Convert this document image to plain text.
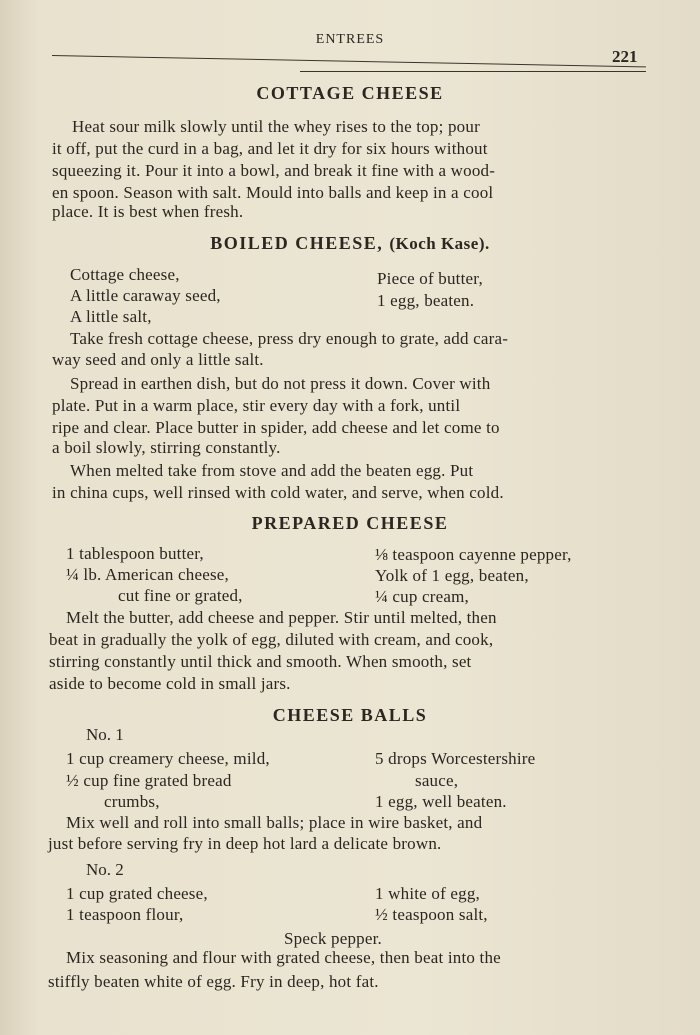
ENTREES
221
COTTAGE CHEESE
Heat sour milk slowly until the whey rises to the top; pour
it off, put the curd in a bag, and let it dry for six hours without
squeezing it. Pour it into a bowl, and break it fine with a wood-
en spoon. Season with salt. Mould into balls and keep in a cool
place. It is best when fresh.
BOILED CHEESE, (Koch Kase).
Cottage cheese,
A little caraway seed,
A little salt,
Piece of butter,
1 egg, beaten.
Take fresh cottage cheese, press dry enough to grate, add cara-
way seed and only a little salt.
Spread in earthen dish, but do not press it down. Cover with
plate. Put in a warm place, stir every day with a fork, until
ripe and clear. Place butter in spider, add cheese and let come to
a boil slowly, stirring constantly.
When melted take from stove and add the beaten egg. Put
in china cups, well rinsed with cold water, and serve, when cold.
PREPARED CHEESE
1 tablespoon butter,
¼ lb. American cheese,
cut fine or grated,
⅛ teaspoon cayenne pepper,
Yolk of 1 egg, beaten,
¼ cup cream,
Melt the butter, add cheese and pepper. Stir until melted, then
beat in gradually the yolk of egg, diluted with cream, and cook,
stirring constantly until thick and smooth. When smooth, set
aside to become cold in small jars.
CHEESE BALLS
No. 1
1 cup creamery cheese, mild,
½ cup fine grated bread
crumbs,
5 drops Worcestershire
sauce,
1 egg, well beaten.
Mix well and roll into small balls; place in wire basket, and
just before serving fry in deep hot lard a delicate brown.
No. 2
1 cup grated cheese,
1 teaspoon flour,
1 white of egg,
½ teaspoon salt,
Speck pepper.
Mix seasoning and flour with grated cheese, then beat into the
stiffly beaten white of egg. Fry in deep, hot fat.
